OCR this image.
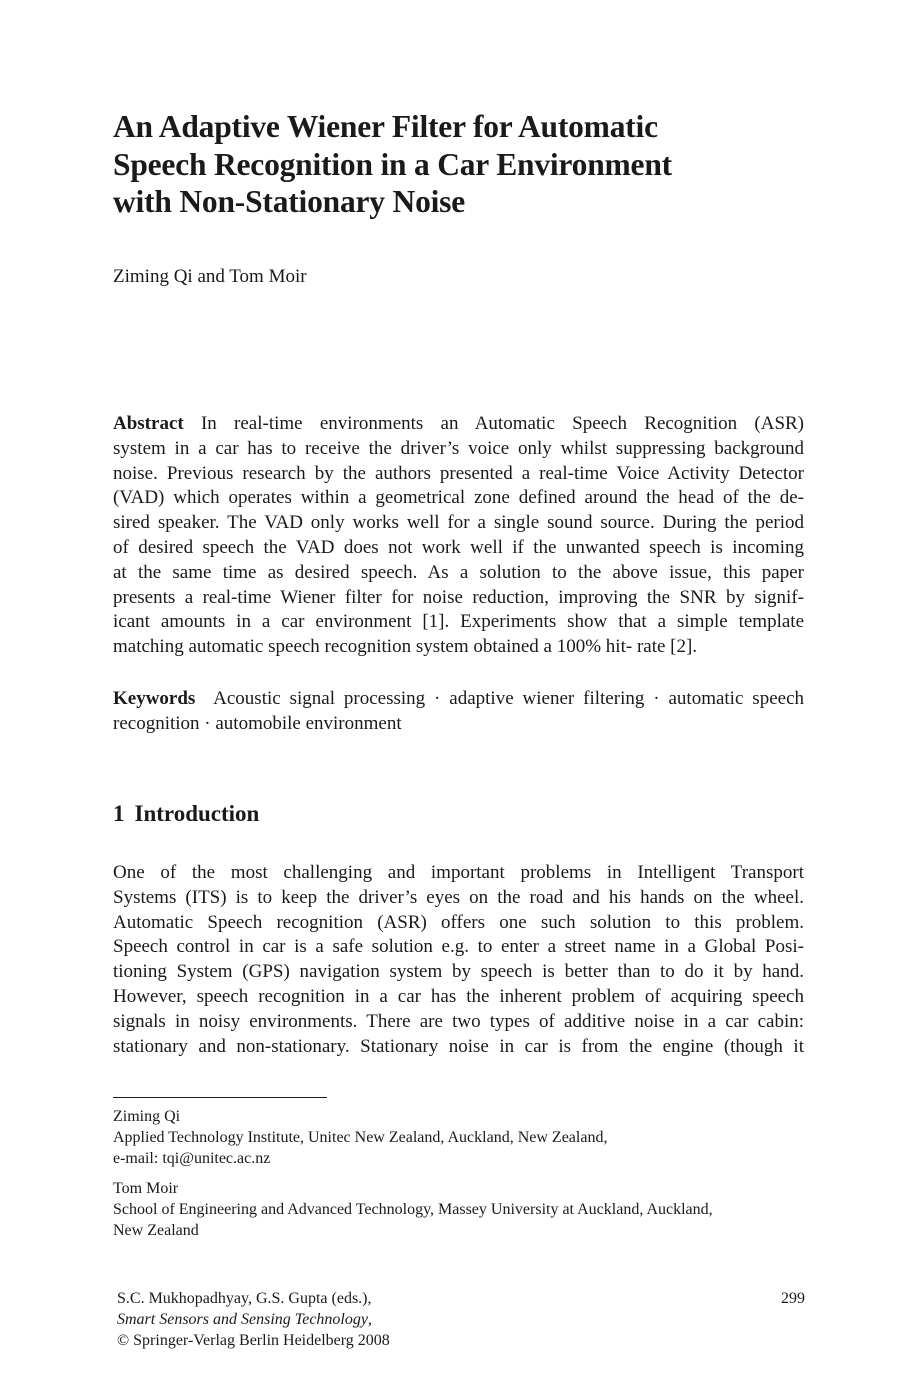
An Adaptive Wiener Filter for Automatic
Speech Recognition in a Car Environment
with Non-Stationary Noise
Ziming Qi and Tom Moir
Abstract In real-time environments an Automatic Speech Recognition (ASR)
system in a car has to receive the driver’s voice only whilst suppressing background
noise. Previous research by the authors presented a real-time Voice Activity Detector
(VAD) which operates within a geometrical zone defined around the head of the de-
sired speaker. The VAD only works well for a single sound source. During the period
of desired speech the VAD does not work well if the unwanted speech is incoming
at the same time as desired speech. As a solution to the above issue, this paper
presents a real-time Wiener filter for noise reduction, improving the SNR by signif-
icant amounts in a car environment [1]. Experiments show that a simple template
matching automatic speech recognition system obtained a 100% hit- rate [2].
Keywords Acoustic signal processing · adaptive wiener filtering · automatic speech
recognition · automobile environment
1 Introduction
One of the most challenging and important problems in Intelligent Transport
Systems (ITS) is to keep the driver’s eyes on the road and his hands on the wheel.
Automatic Speech recognition (ASR) offers one such solution to this problem.
Speech control in car is a safe solution e.g. to enter a street name in a Global Posi-
tioning System (GPS) navigation system by speech is better than to do it by hand.
However, speech recognition in a car has the inherent problem of acquiring speech
signals in noisy environments. There are two types of additive noise in a car cabin:
stationary and non-stationary. Stationary noise in car is from the engine (though it
Ziming Qi
Applied Technology Institute, Unitec New Zealand, Auckland, New Zealand,
e-mail: tqi@unitec.ac.nz
Tom Moir
School of Engineering and Advanced Technology, Massey University at Auckland, Auckland,
New Zealand
S.C. Mukhopadhyay, G.S. Gupta (eds.),
Smart Sensors and Sensing Technology,
© Springer-Verlag Berlin Heidelberg 2008
299
